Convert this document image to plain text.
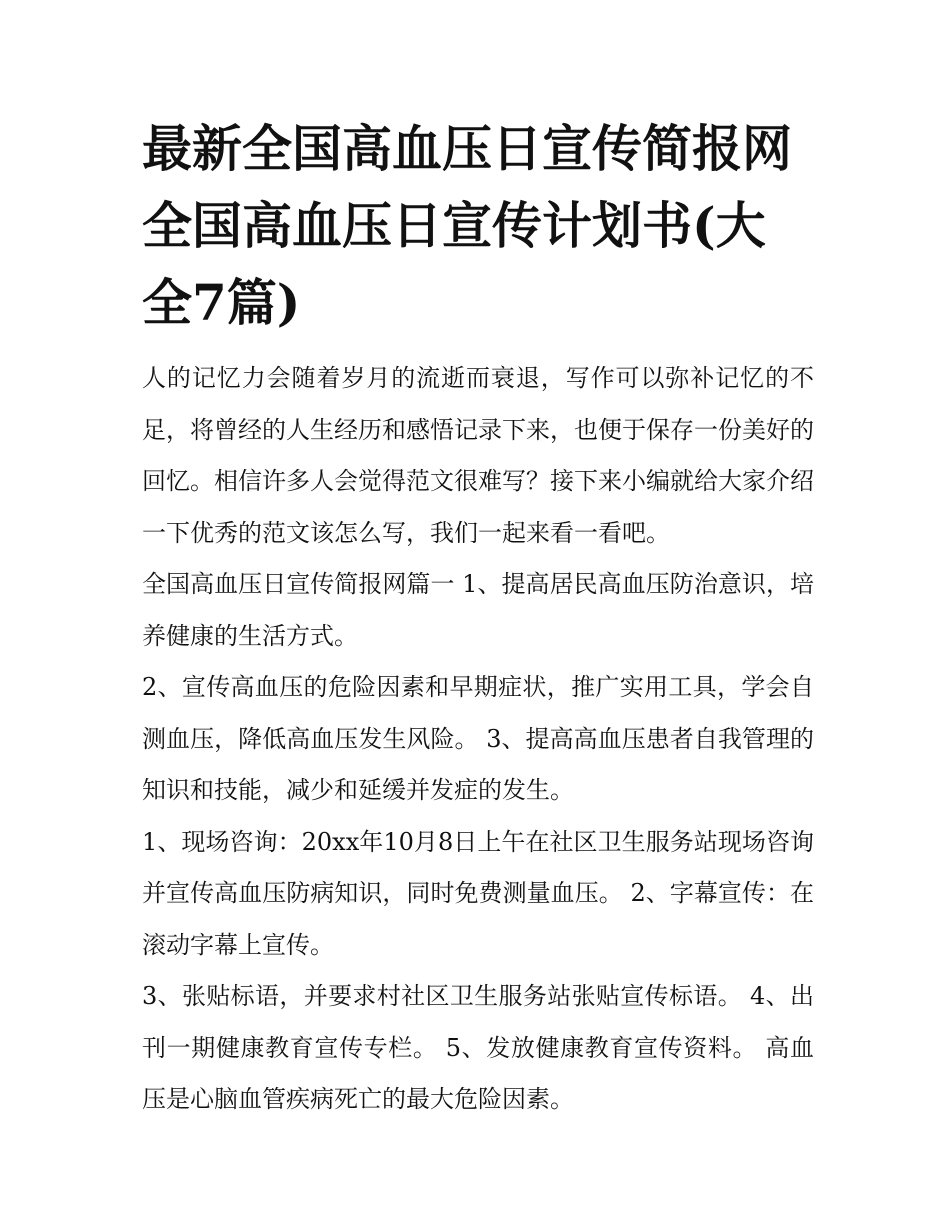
最新全国高血压日宣传简报网全国高血压日宣传计划书(大全7篇)

人的记忆力会随着岁月的流逝而衰退，写作可以弥补记忆的不足，将曾经的人生经历和感悟记录下来，也便于保存一份美好的回忆。相信许多人会觉得范文很难写？接下来小编就给大家介绍一下优秀的范文该怎么写，我们一起来看一看吧。

全国高血压日宣传简报网篇一 1、提高居民高血压防治意识，培养健康的生活方式。

2、宣传高血压的危险因素和早期症状，推广实用工具，学会自测血压，降低高血压发生风险。 3、提高高血压患者自我管理的知识和技能，减少和延缓并发症的发生。

1、现场咨询：20xx年10月8日上午在社区卫生服务站现场咨询并宣传高血压防病知识，同时免费测量血压。 2、字幕宣传：在滚动字幕上宣传。

3、张贴标语，并要求村社区卫生服务站张贴宣传标语。 4、出刊一期健康教育宣传专栏。 5、发放健康教育宣传资料。 高血压是心脑血管疾病死亡的最大危险因素。
